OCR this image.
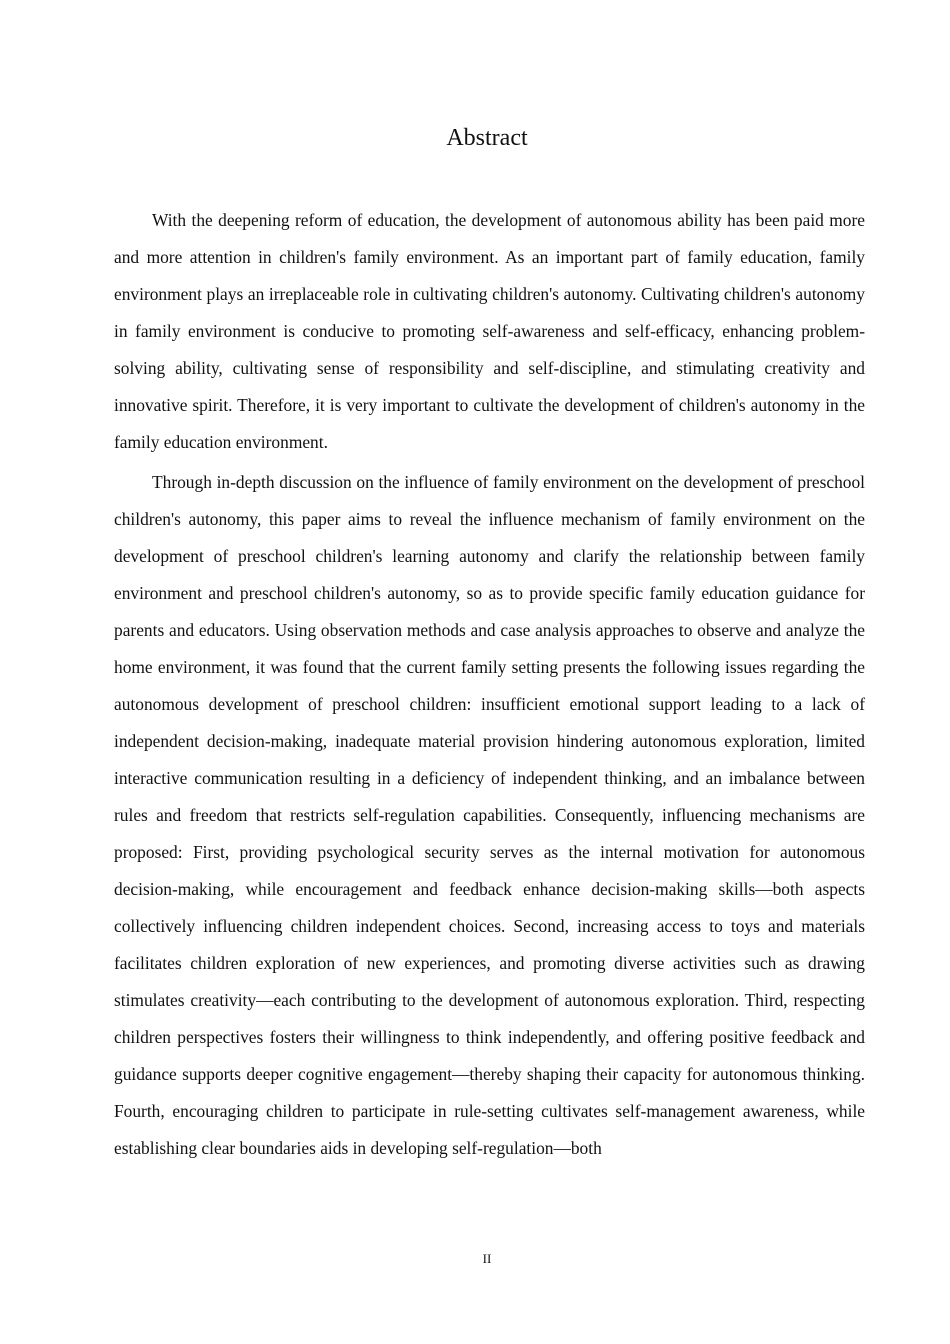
Abstract

With the deepening reform of education, the development of autonomous ability has been paid more and more attention in children's family environment. As an important part of family education, family environment plays an irreplaceable role in cultivating children's autonomy. Cultivating children's autonomy in family environment is conducive to promoting self-awareness and self-efficacy, enhancing problem-solving ability, cultivating sense of responsibility and self-discipline, and stimulating creativity and innovative spirit. Therefore, it is very important to cultivate the development of children's autonomy in the family education environment.

Through in-depth discussion on the influence of family environment on the development of preschool children's autonomy, this paper aims to reveal the influence mechanism of family environment on the development of preschool children's learning autonomy and clarify the relationship between family environment and preschool children's autonomy, so as to provide specific family education guidance for parents and educators. Using observation methods and case analysis approaches to observe and analyze the home environment, it was found that the current family setting presents the following issues regarding the autonomous development of preschool children: insufficient emotional support leading to a lack of independent decision-making, inadequate material provision hindering autonomous exploration, limited interactive communication resulting in a deficiency of independent thinking, and an imbalance between rules and freedom that restricts self-regulation capabilities. Consequently, influencing mechanisms are proposed: First, providing psychological security serves as the internal motivation for autonomous decision-making, while encouragement and feedback enhance decision-making skills—both aspects collectively influencing children independent choices. Second, increasing access to toys and materials facilitates children exploration of new experiences, and promoting diverse activities such as drawing stimulates creativity—each contributing to the development of autonomous exploration. Third, respecting children perspectives fosters their willingness to think independently, and offering positive feedback and guidance supports deeper cognitive engagement—thereby shaping their capacity for autonomous thinking. Fourth, encouraging children to participate in rule-setting cultivates self-management awareness, while establishing clear boundaries aids in developing self-regulation—both

II
